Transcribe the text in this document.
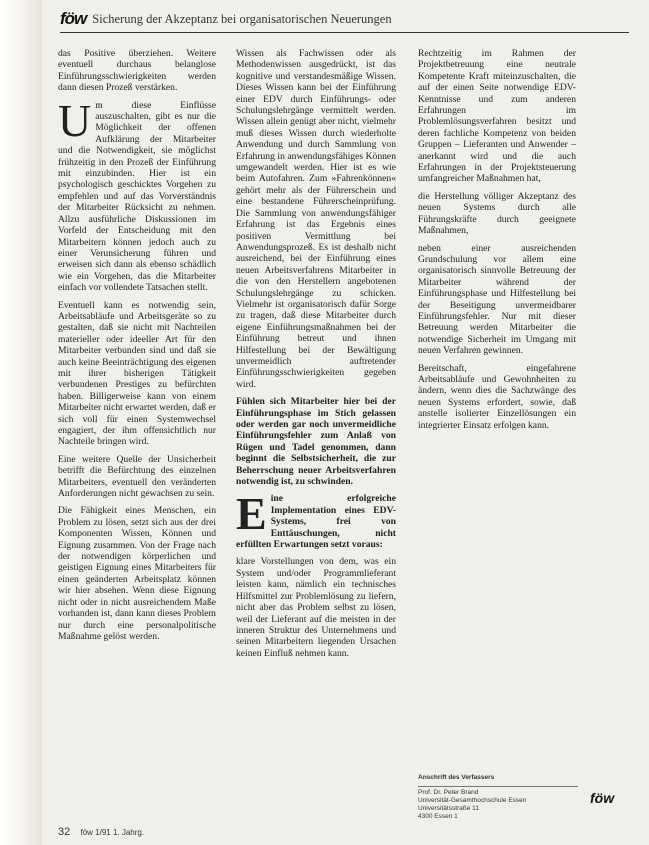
föw Sicherung der Akzeptanz bei organisatorischen Neuerungen

das Positive überziehen. Weitere eventuell durchaus belanglose Einführungsschwierigkeiten werden dann diesen Prozeß verstärken.

Um diese Einflüsse auszuschalten, gibt es nur die Möglichkeit der offenen Aufklärung der Mitarbeiter und die Notwendigkeit, sie möglichst frühzeitig in den Prozeß der Einführung mit einzubinden. Hier ist ein psychologisch geschicktes Vorgehen zu empfehlen und auf das Vorverständnis der Mitarbeiter Rücksicht zu nehmen. Allzu ausführliche Diskussionen im Vorfeld der Entscheidung mit den Mitarbeitern können jedoch auch zu einer Verunsicherung führen und erweisen sich dann als ebenso schädlich wie ein Vorgehen, das die Mitarbeiter einfach vor vollendete Tatsachen stellt.

Eventuell kann es notwendig sein, Arbeitsabläufe und Arbeitsgeräte so zu gestalten, daß sie nicht mit Nachteilen materieller oder ideeller Art für den Mitarbeiter verbunden sind und daß sie auch keine Beeinträchtigung des eigenen mit ihrer bisherigen Tätigkeit verbundenen Prestiges zu befürchten haben. Billigerweise kann von einem Mitarbeiter nicht erwartet werden, daß er sich voll für einen Systemwechsel engagiert, der ihm offensichtlich nur Nachteile bringen wird.

Eine weitere Quelle der Unsicherheit betrifft die Befürchtung des einzelnen Mitarbeiters, eventuell den veränderten Anforderungen nicht gewachsen zu sein.

Die Fähigkeit eines Menschen, ein Problem zu lösen, setzt sich aus der drei Komponenten Wissen, Können und Eignung zusammen. Von der Frage nach der notwendigen körperlichen und geistigen Eignung eines Mitarbeiters für einen geänderten Arbeitsplatz können wir hier absehen. Wenn diese Eignung nicht oder in nicht ausreichendem Maße vorhanden ist, dann kann dieses Problem nur durch eine personalpolitische Maßnahme gelöst werden.

Wissen als Fachwissen oder als Methodenwissen ausgedrückt, ist das kognitive und verstandesmäßige Wissen. Dieses Wissen kann bei der Einführung einer EDV durch Einführungs- oder Schulungslehrgänge vermittelt werden. Wissen allein genügt aber nicht, vielmehr muß dieses Wissen durch wiederholte Anwendung und durch Sammlung von Erfahrung in anwendungsfähiges Können umgewandelt werden. Hier ist es wie beim Autofahren. Zum »Fahrenkönnen« gehört mehr als der Führerschein und eine bestandene Führerscheinprüfung. Die Sammlung von anwendungsfähiger Erfahrung ist das Ergebnis eines positiven Vermittlung bei Anwendungsprozeß. Es ist deshalb nicht ausreichend, bei der Einführung eines neuen Arbeitsverfahrens Mitarbeiter in die von den Herstellern angebotenen Schulungslehrgänge zu schicken. Vielmehr ist organisatorisch dafür Sorge zu tragen, daß diese Mitarbeiter durch eigene Einführungsmaßnahmen bei der Einführung betreut und ihnen Hilfestellung bei der Bewältigung unvermeidlich auftretender Einführungsschwierigkeiten gegeben wird.

Fühlen sich Mitarbeiter hier bei der Einführungsphase im Stich gelassen oder werden gar noch unvermeidliche Einführungsfehler zum Anlaß von Rügen und Tadel genommen, dann beginnt die Selbstsicherheit, die zur Beherrschung neuer Arbeitsverfahren notwendig ist, zu schwinden.

Eine erfolgreiche Implementation eines EDV-Systems, frei von Enttäuschungen, nicht erfüllten Erwartungen setzt voraus:

klare Vorstellungen von dem, was ein System und/oder Programmlieferant leisten kann, nämlich ein technisches Hilfsmittel zur Problemlösung zu liefern, nicht aber das Problem selbst zu lösen, weil der Lieferant auf die meisten in der inneren Struktur des Unternehmens und seinen Mitarbeitern liegenden Ursachen keinen Einfluß nehmen kann.

Rechtzeitig im Rahmen der Projektbetreuung eine neutrale Kompetente Kraft miteinzuschalten, die auf der einen Seite notwendige EDV-Kenntnisse und zum anderen Erfahrungen im Problemlösungsverfahren besitzt und deren fachliche Kompetenz von beiden Gruppen – Lieferanten und Anwender – anerkannt wird und die auch Erfahrungen in der Projektsteuerung umfangreicher Maßnahmen hat,

die Herstellung völliger Akzeptanz des neuen Systems durch alle Führungskräfte durch geeignete Maßnahmen,

neben einer ausreichenden Grundschulung vor allem eine organisatorisch sinnvolle Betreuung der Mitarbeiter während der Einführungsphase und Hilfestellung bei der Beseitigung unvermeidbarer Einführungsfehler. Nur mit dieser Betreuung werden Mitarbeiter die notwendige Sicherheit im Umgang mit neuen Verfahren gewinnen.

Bereitschaft, eingefahrene Arbeitsabläufe und Gewohnheiten zu ändern, wenn dies die Sachzwänge des neuen Systems erfordert, sowie, daß anstelle isolierter Einzellösungen ein integrierter Einsatz erfolgen kann.

Anschrift des Verfassers
Prof. Dr. Peter Brand
Universität-Gesamthochschule Essen
Universitätsstraße 11
4300 Essen 1
föw
32 föw 1/91 1. Jahrg.
